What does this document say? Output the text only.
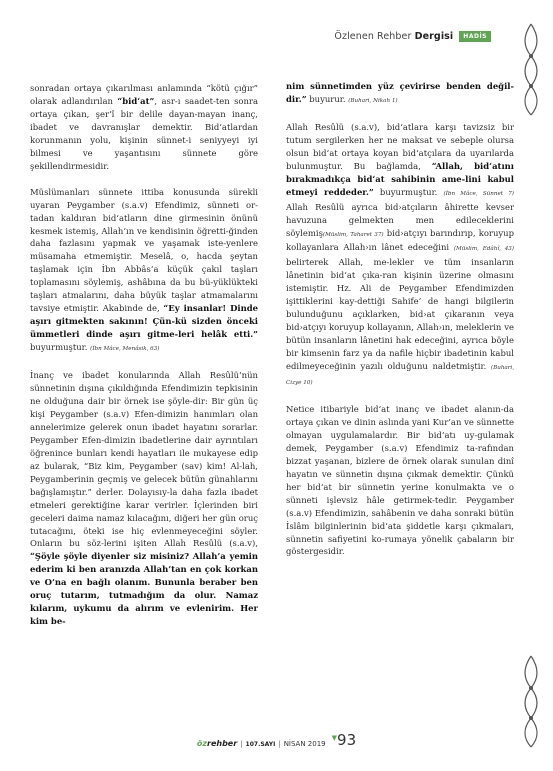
Özlenen Rehber Dergisi	HADİS

sonradan ortaya çıkarılması anlamında “kötü çığır” olarak adlandırılan “bid‘at”, asr-ı saadet-ten sonra ortaya çıkan, şer‘î bir delile dayan-mayan inanç, ibadet ve davranışlar demektir. Bid‘atlardan korunmanın yolu, kişinin sünnet-i seniyyeyi iyi bilmesi ve yaşantısını sünnete göre şekillendirmesidir.

Müslümanları sünnete ittiba konusunda sürekli uyaran Peygamber (s.a.v) Efendimiz, sünneti or-tadan kaldıran bid‘atların dine girmesinin önünü kesmek istemiş, Allah’ın ve kendisinin öğretti-ğinden daha fazlasını yapmak ve yaşamak iste-yenlere müsamaha etmemiştir. Meselâ, o, hacda şeytan taşlamak için İbn Abbâs‘a küçük çakıl taşları toplamasını söylemiş, ashâbına da bu bü-yüklükteki taşları atmalarını, daha büyük taşlar atmamalarını tavsiye etmiştir. Akabinde de, “Ey insanlar! Dinde aşırı gitmekten sakının! Çün-kü sizden önceki ümmetleri dinde aşırı gitme-leri helâk etti.” buyurmuştur. (İbn Mâce, Menâsik, 63)

İnanç ve ibadet konularında Allah Resûlü’nün sünnetinin dışına çıkıldığında Efendimizin tepkisinin ne olduğuna dair bir örnek ise şöyle-dir: Bir gün üç kişi Peygamber (s.a.v) Efen-dimizin hanımları olan annelerimize gelerek onun ibadet hayatını sorarlar. Peygamber Efen-dimizin ibadetlerine dair ayrıntıları öğrenince bunları kendi hayatları ile mukayese edip az bularak, “Biz kim, Peygamber (sav) kim! Al-lah, Peygamberinin geçmiş ve gelecek bütün günahlarını bağışlamıştır.” derler. Dolayısıy-la daha fazla ibadet etmeleri gerektiğine karar verirler. İçlerinden biri geceleri daima namaz kılacağını, diğeri her gün oruç tutacağını, öteki ise hiç evlenmeyeceğini söyler. Onların bu söz-lerini işiten Allah Resûlü (s.a.v), “Şöyle şöyle diyenler siz misiniz? Allah’a yemin ederim ki ben aranızda Allah’tan en çok korkan ve O’na en bağlı olanım. Bununla beraber ben oruç tutarım, tutmadığım da olur. Namaz kılarım, uykumu da alırım ve evlenirim. Her kim be-

nim sünnetimden yüz çevirirse benden değil-dir.” buyurur. (Buhari, Nikah 1)

Allah Resûlü (s.a.v), bid‘atlara karşı tavizsiz bir tutum sergilerken her ne maksat ve sebeple olursa olsun bid‘at ortaya koyan bid‘atçılara da uyarılarda bulunmuştur. Bu bağlamda, “Allah, bid‘atını bırakmadıkça bid‘at sahibinin ame-lini kabul etmeyi reddeder.” buyurmuştur. (İbn Mâce, Sünnet 7) Allah Resûlü ayrıca bid›atçıların âhirette kevser havuzuna gelmekten men edileceklerini söylemiş(Müslim, Taharet 37) bid›atçıyı barındırıp, koruyup kollayanlara Allah›ın lânet edeceğini (Müslim, Edâhî, 43) belirterek Allah, me-lekler ve tüm insanların lânetinin bid‘at çıka-ran kişinin üzerine olmasını istemiştir. Hz. Ali de Peygamber Efendimizden işittiklerini kay-dettiği Sahife’ de hangi bilgilerin bulunduğunu açıklarken, bid›at çıkaranın veya bid›atçıyı koruyup kollayanın, Allah›ın, meleklerin ve bütün insanların lânetini hak edeceğini, ayrıca böyle bir kimsenin farz ya da nafile hiçbir ibadetinin kabul edilmeyeceğinin yazılı olduğunu naldetmiştir. (Buhari, Cizye 10)

Netice itibariyle bid‘at inanç ve ibadet alanın-da ortaya çıkan ve dinin aslında yani Kur’an ve sünnette olmayan uygulamalardır. Bir bid‘atı uy-gulamak demek, Peygamber (s.a.v) Efendimiz ta-rafından bizzat yaşanan, bizlere de örnek olarak sunulan dinî hayatın ve sünnetin dışına çıkmak demektir. Çünkü her bid‘at bir sünnetin yerine konulmakta ve o sünneti işlevsiz hâle getirmek-tedir. Peygamber (s.a.v) Efendimizin, sahâbenin ve daha sonraki bütün İslâm bilginlerinin bid‘ata şiddetle karşı çıkmaları, sünnetin safiyetini ko-rumaya yönelik çabaların bir göstergesidir.

özrehber | 107.SAYI | NİSAN 2019
▼ 93
